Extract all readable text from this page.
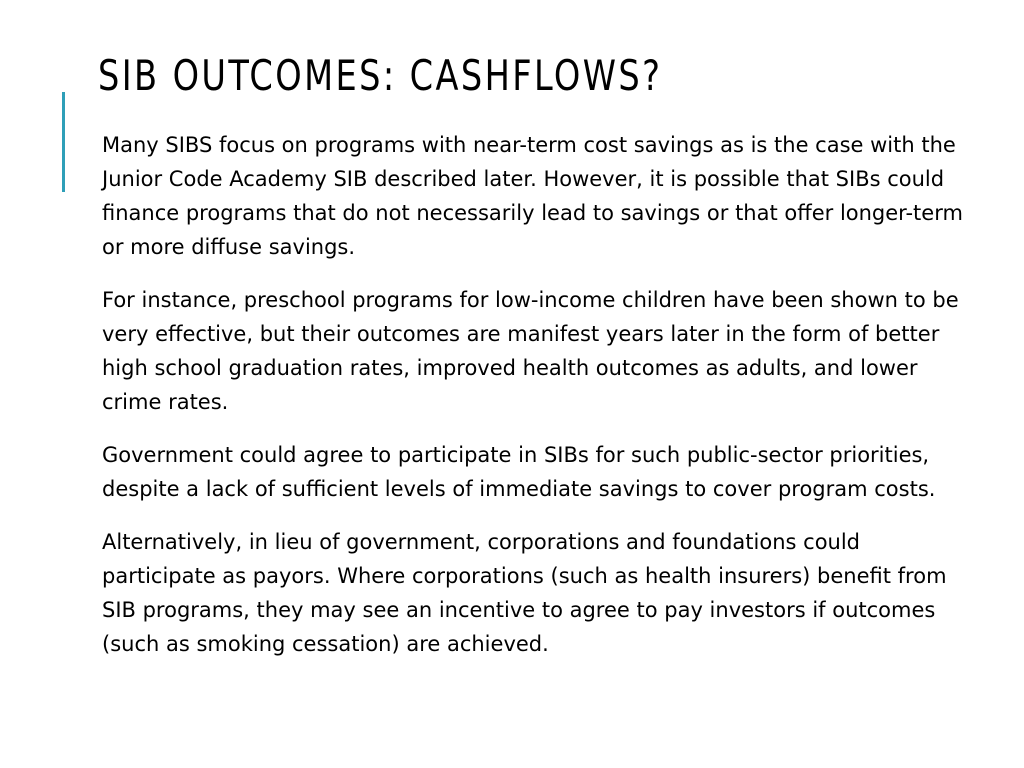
SIB OUTCOMES: CASHFLOWS?

Many SIBS focus on programs with near-term cost savings as is the case with the Junior Code Academy SIB described later. However, it is possible that SIBs could finance programs that do not necessarily lead to savings or that offer longer-term or more diffuse savings.

For instance, preschool programs for low-income children have been shown to be very effective, but their outcomes are manifest years later in the form of better high school graduation rates, improved health outcomes as adults, and lower crime rates.

Government could agree to participate in SIBs for such public-sector priorities, despite a lack of sufficient levels of immediate savings to cover program costs.

Alternatively, in lieu of government, corporations and foundations could participate as payors. Where corporations (such as health insurers) benefit from SIB programs, they may see an incentive to agree to pay investors if outcomes (such as smoking cessation) are achieved.
